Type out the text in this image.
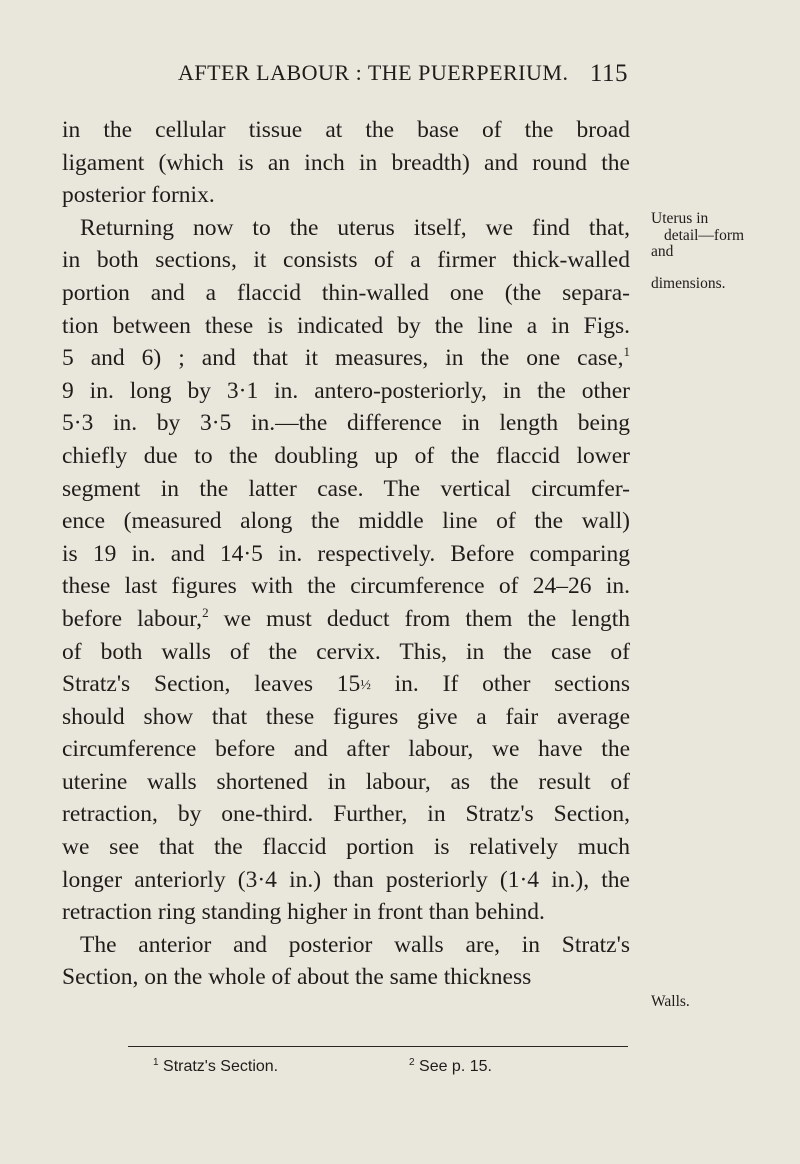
AFTER LABOUR : THE PUERPERIUM. 115
in the cellular tissue at the base of the broad
ligament (which is an inch in breadth) and round the
posterior fornix.
Returning now to the uterus itself, we find that,
in both sections, it consists of a firmer thick-walled
portion and a flaccid thin-walled one (the separa-
tion between these is indicated by the line a in Figs.
5 and 6) ; and that it measures, in the one case,$^1$
9 in. long by 3·1 in. antero-posteriorly, in the other
5·3 in. by 3·5 in.—the difference in length being
chiefly due to the doubling up of the flaccid lower
segment in the latter case. The vertical circumfer-
ence (measured along the middle line of the wall)
is 19 in. and 14·5 in. respectively. Before comparing
these last figures with the circumference of 24–26 in.
before labour,$^2$ we must deduct from them the length
of both walls of the cervix. This, in the case of
Stratz's Section, leaves 15½ in. If other sections
should show that these figures give a fair average
circumference before and after labour, we have the
uterine walls shortened in labour, as the result of
retraction, by one-third. Further, in Stratz's Section,
we see that the flaccid portion is relatively much
longer anteriorly (3·4 in.) than posteriorly (1·4 in.), the
retraction ring standing higher in front than behind.
The anterior and posterior walls are, in Stratz's
Section, on the whole of about the same thickness
Uterus in
detail—form
and
dimensions.
Walls.
$^1$ Stratz's Section.	$^2$ See p. 15.
